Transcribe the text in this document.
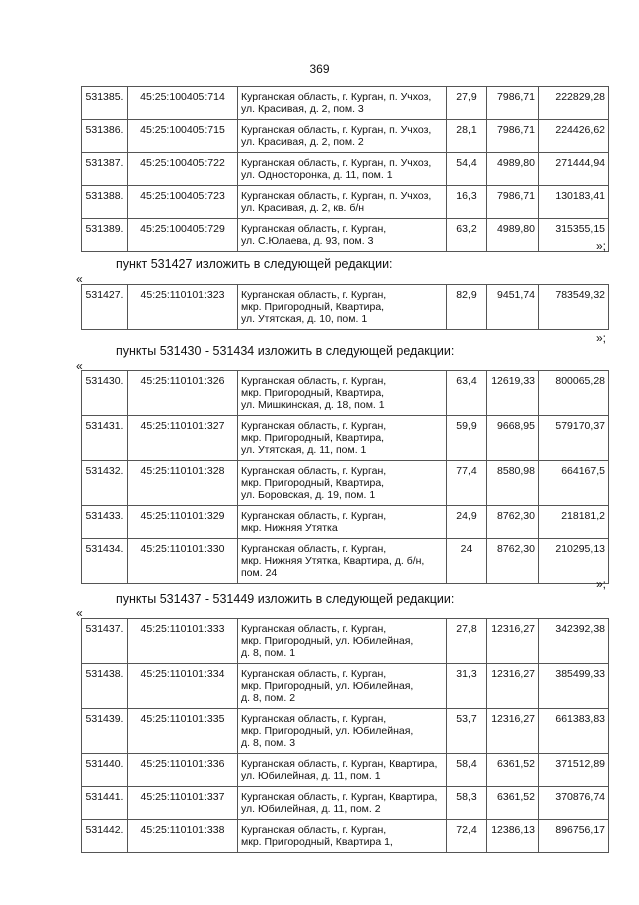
369
531385.	45:25:100405:714	Курганская область, г. Курган, п. Учхоз,
ул. Красивая, д. 2, пом. 3	27,9	7986,71	222829,28
531386.	45:25:100405:715	Курганская область, г. Курган, п. Учхоз,
ул. Красивая, д. 2, пом. 2	28,1	7986,71	224426,62
531387.	45:25:100405:722	Курганская область, г. Курган, п. Учхоз,
ул. Односторонка, д. 11, пом. 1	54,4	4989,80	271444,94
531388.	45:25:100405:723	Курганская область, г. Курган, п. Учхоз,
ул. Красивая, д. 2, кв. б/н	16,3	7986,71	130183,41
531389.	45:25:100405:729	Курганская область, г. Курган,
ул. С.Юлаева, д. 93, пом. 3	63,2	4989,80	315355,15
»;
пункт 531427 изложить в следующей редакции:
«
531427.	45:25:110101:323	Курганская область, г. Курган,
мкр. Пригородный, Квартира,
ул. Утятская, д. 10, пом. 1	82,9	9451,74	783549,32
»;
пункты 531430 - 531434 изложить в следующей редакции:
«
531430.	45:25:110101:326	Курганская область, г. Курган,
мкр. Пригородный, Квартира,
ул. Мишкинская, д. 18, пом. 1	63,4	12619,33	800065,28
531431.	45:25:110101:327	Курганская область, г. Курган,
мкр. Пригородный, Квартира,
ул. Утятская, д. 11, пом. 1	59,9	9668,95	579170,37
531432.	45:25:110101:328	Курганская область, г. Курган,
мкр. Пригородный, Квартира,
ул. Боровская, д. 19, пом. 1	77,4	8580,98	664167,5
531433.	45:25:110101:329	Курганская область, г. Курган,
мкр. Нижняя Утятка	24,9	8762,30	218181,2
531434.	45:25:110101:330	Курганская область, г. Курган,
мкр. Нижняя Утятка, Квартира, д. б/н,
пом. 24	24	8762,30	210295,13
»;
пункты 531437 - 531449 изложить в следующей редакции:
«
531437.	45:25:110101:333	Курганская область, г. Курган,
мкр. Пригородный, ул. Юбилейная,
д. 8, пом. 1	27,8	12316,27	342392,38
531438.	45:25:110101:334	Курганская область, г. Курган,
мкр. Пригородный, ул. Юбилейная,
д. 8, пом. 2	31,3	12316,27	385499,33
531439.	45:25:110101:335	Курганская область, г. Курган,
мкр. Пригородный, ул. Юбилейная,
д. 8, пом. 3	53,7	12316,27	661383,83
531440.	45:25:110101:336	Курганская область, г. Курган, Квартира,
ул. Юбилейная, д. 11, пом. 1	58,4	6361,52	371512,89
531441.	45:25:110101:337	Курганская область, г. Курган, Квартира,
ул. Юбилейная, д. 11, пом. 2	58,3	6361,52	370876,74
531442.	45:25:110101:338	Курганская область, г. Курган,
мкр. Пригородный, Квартира 1,	72,4	12386,13	896756,17
